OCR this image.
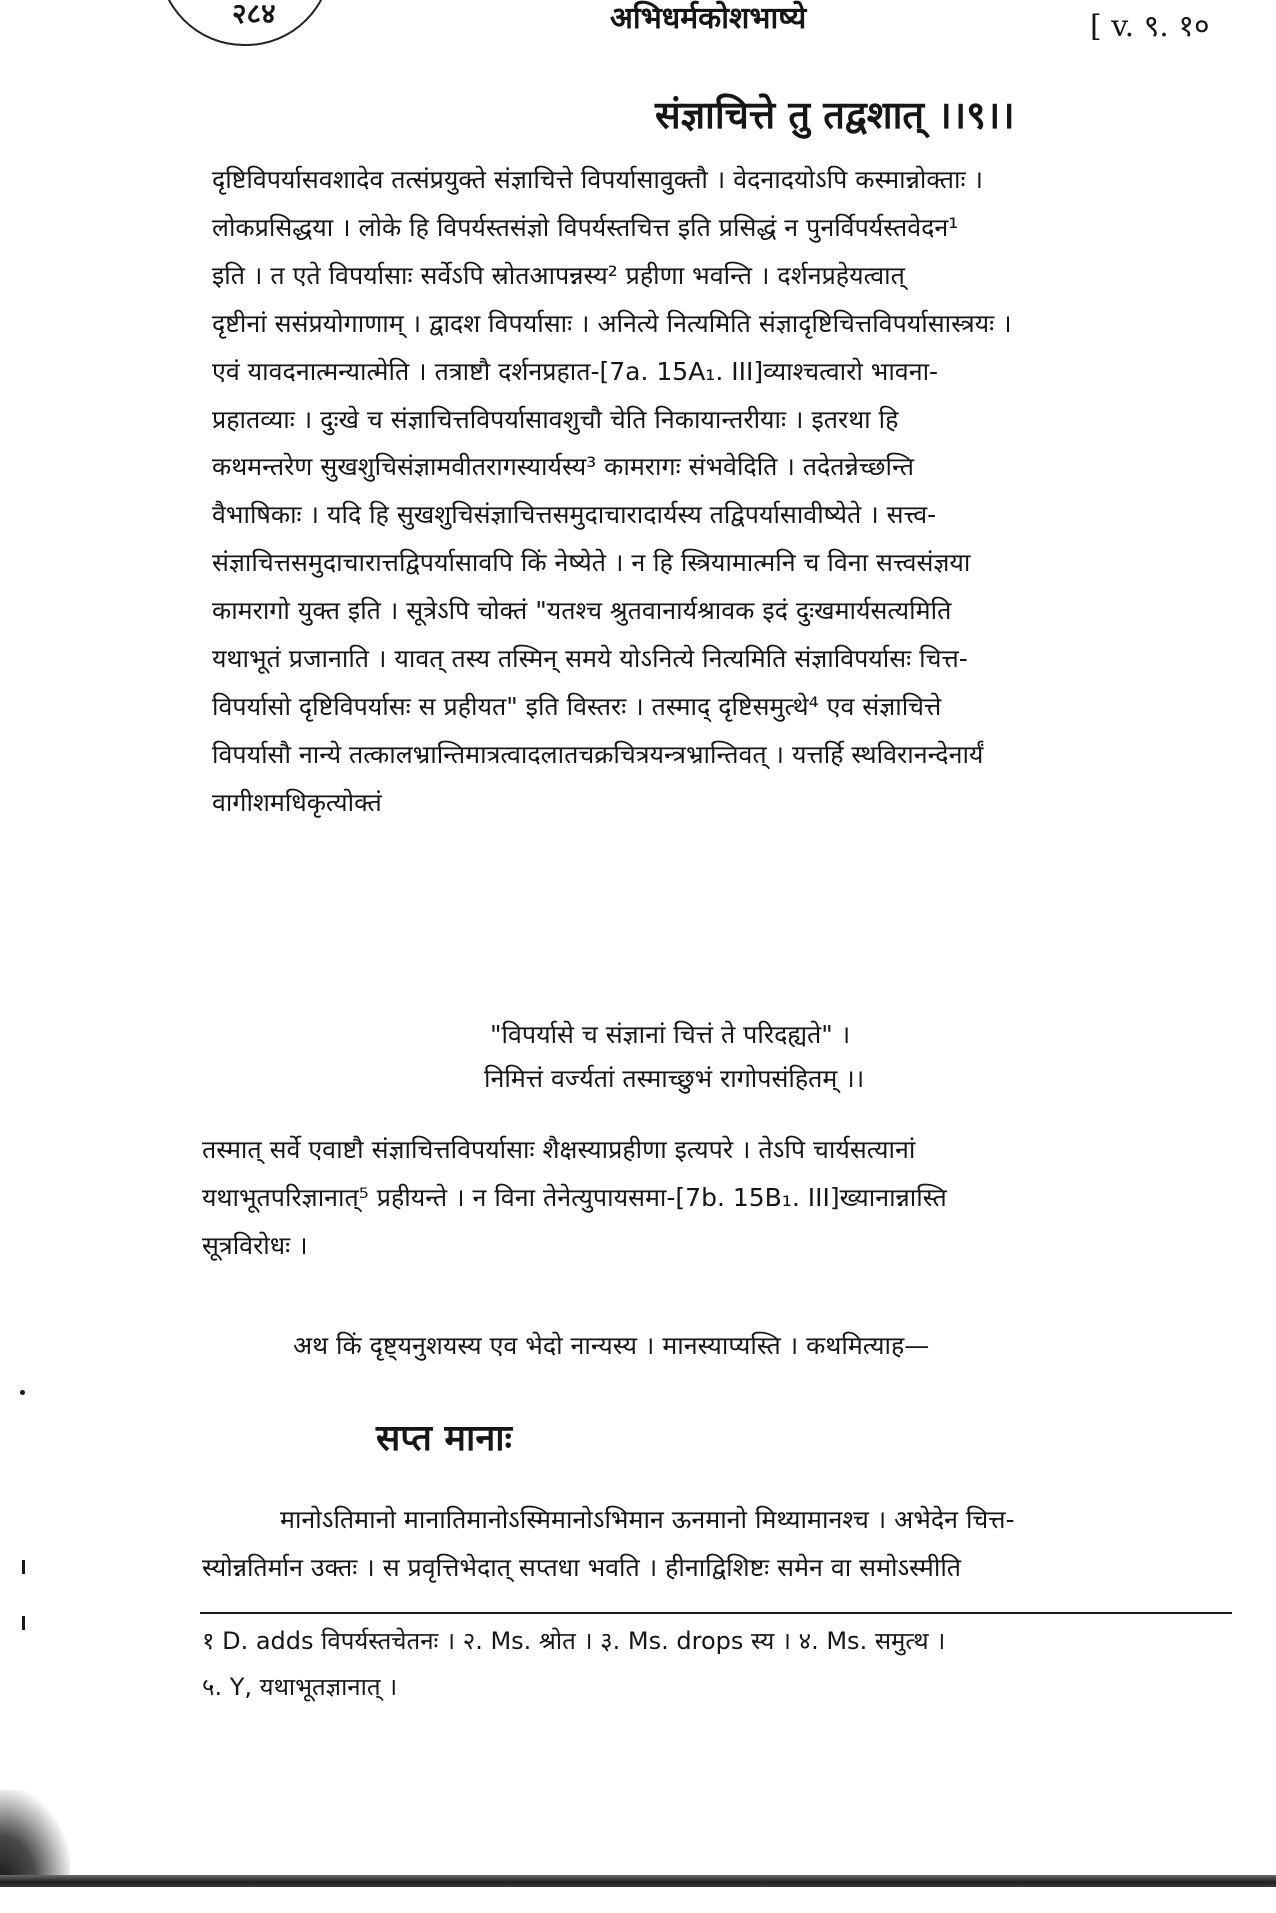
२८४	अभिधर्मकोशभाष्ये	[ v. ९. १०
संज्ञाचित्ते तु तद्वशात् ।।९।।

दृष्टिविपर्यासवशादेव तत्संप्रयुक्ते संज्ञाचित्ते विपर्यासावुक्तौ । वेदनादयोऽपि कस्मान्नोक्ताः ।
लोकप्रसिद्धया । लोके हि विपर्यस्तसंज्ञो विपर्यस्तचित्त इति प्रसिद्धं न पुनर्विपर्यस्तवेदन¹
इति । त एते विपर्यासाः सर्वेऽपि स्रोतआपन्नस्य² प्रहीणा भवन्ति । दर्शनप्रहेयत्वात्
दृष्टीनां ससंप्रयोगाणाम् । द्वादश विपर्यासाः । अनित्ये नित्यमिति संज्ञादृष्टिचित्तविपर्यासास्त्रयः ।
एवं यावदनात्मन्यात्मेति । तत्राष्टौ दर्शनप्रहात-[7a. 15A₁. III]व्याश्चत्वारो भावना-
प्रहातव्याः । दुःखे च संज्ञाचित्तविपर्यासावशुचौ चेति निकायान्तरीयाः । इतरथा हि
कथमन्तरेण सुखशुचिसंज्ञामवीतरागस्यार्यस्य³ कामरागः संभवेदिति । तदेतन्नेच्छन्ति
वैभाषिकाः । यदि हि सुखशुचिसंज्ञाचित्तसमुदाचारादार्यस्य तद्विपर्यासावीष्येते । सत्त्व-
संज्ञाचित्तसमुदाचारात्तद्विपर्यासावपि किं नेष्येते । न हि स्त्रियामात्मनि च विना सत्त्वसंज्ञया
कामरागो युक्त इति । सूत्रेऽपि चोक्तं "यतश्च श्रुतवानार्यश्रावक इदं दुःखमार्यसत्यमिति
यथाभूतं प्रजानाति । यावत् तस्य तस्मिन् समये योऽनित्ये नित्यमिति संज्ञाविपर्यासः चित्त-
विपर्यासो दृष्टिविपर्यासः स प्रहीयत" इति विस्तरः । तस्माद् दृष्टिसमुत्थे⁴ एव संज्ञाचित्ते
विपर्यासौ नान्ये तत्कालभ्रान्तिमात्रत्वादलातचक्रचित्रयन्त्रभ्रान्तिवत् । यत्तर्हि स्थविरानन्देनार्यं
वागीशमधिकृत्योक्तं

"विपर्यासे च संज्ञानां चित्तं ते परिदह्यते" ।

निमित्तं वर्ज्यतां तस्माच्छुभं रागोपसंहितम् ।।

तस्मात् सर्वे एवाष्टौ संज्ञाचित्तविपर्यासाः शैक्षस्याप्रहीणा इत्यपरे । तेऽपि चार्यसत्यानां
यथाभूतपरिज्ञानात्⁵ प्रहीयन्ते । न विना तेनेत्युपायसमा-[7b. 15B₁. III]ख्यानान्नास्ति
सूत्रविरोधः ।

अथ किं दृष्ट्यनुशयस्य एव भेदो नान्यस्य । मानस्याप्यस्ति । कथमित्याह—

सप्त मानाः

मानोऽतिमानो मानातिमानोऽस्मिमानोऽभिमान ऊनमानो मिथ्यामानश्च । अभेदेन चित्त-
स्योन्नतिर्मान उक्तः । स प्रवृत्तिभेदात् सप्तधा भवति । हीनाद्विशिष्टः समेन वा समोऽस्मीति

१ D. adds विपर्यस्तचेतनः । २. Ms. श्रोत । ३. Ms. drops स्य । ४. Ms. समुत्थ ।
५. Y, यथाभूतज्ञानात् ।
